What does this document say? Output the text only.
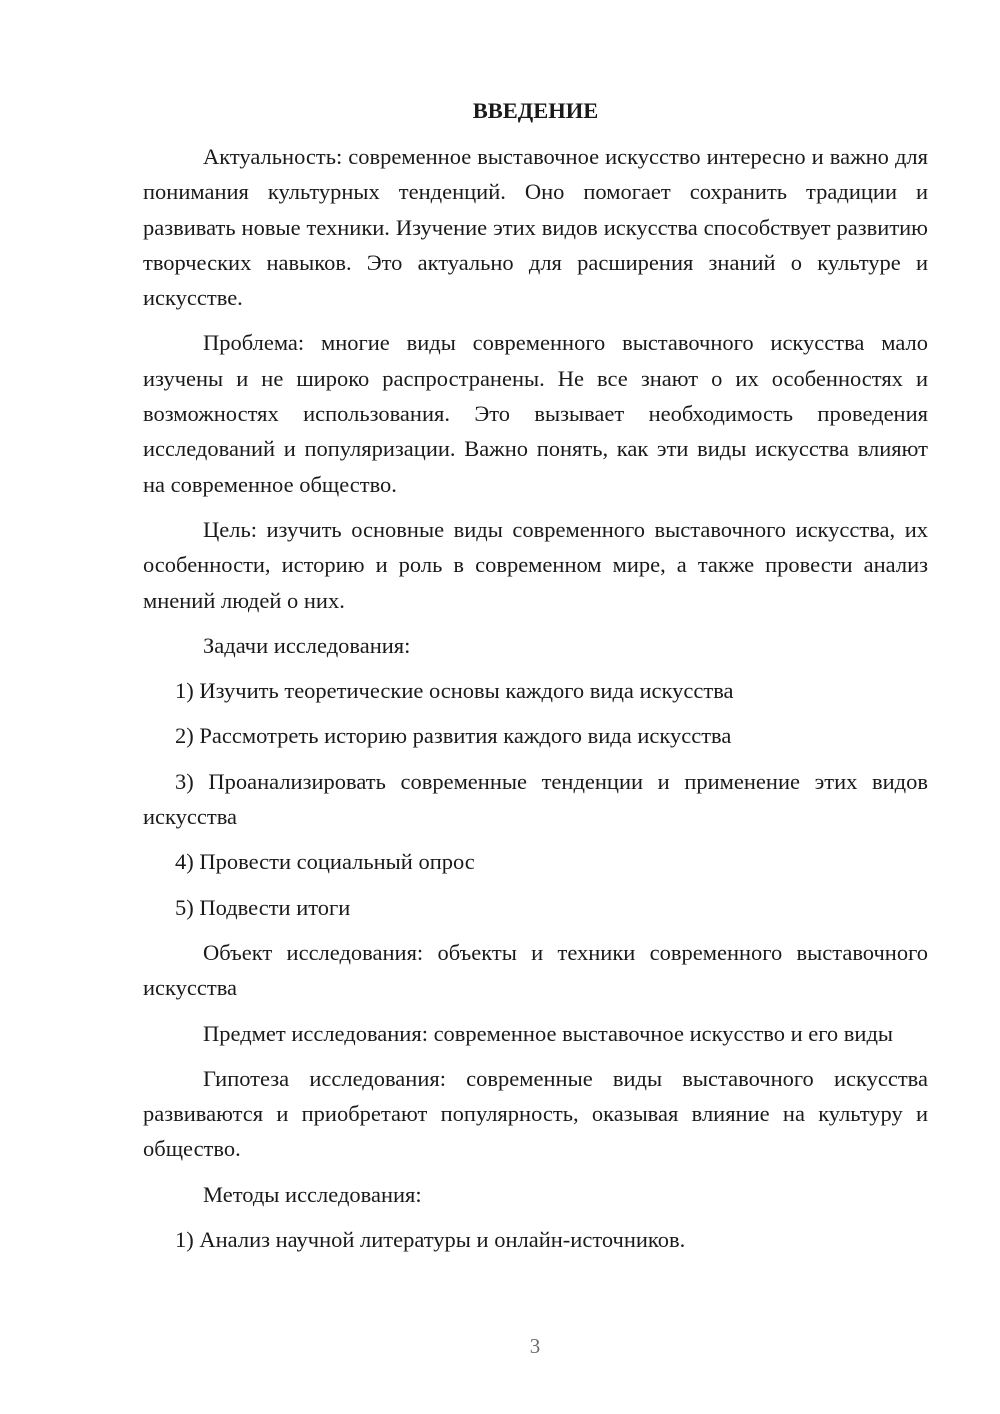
ВВЕДЕНИЕ

Актуальность: современное выставочное искусство интересно и важно для понимания культурных тенденций. Оно помогает сохранить традиции и развивать новые техники. Изучение этих видов искусства способствует развитию творческих навыков. Это актуально для расширения знаний о культуре и искусстве.

Проблема: многие виды современного выставочного искусства мало изучены и не широко распространены. Не все знают о их особенностях и возможностях использования. Это вызывает необходимость проведения исследований и популяризации. Важно понять, как эти виды искусства влияют на современное общество.

Цель: изучить основные виды современного выставочного искусства, их особенности, историю и роль в современном мире, а также провести анализ мнений людей о них.

Задачи исследования:

1) Изучить теоретические основы каждого вида искусства

2) Рассмотреть историю развития каждого вида искусства

3) Проанализировать современные тенденции и применение этих видов искусства

4) Провести социальный опрос

5) Подвести итоги

Объект исследования: объекты и техники современного выставочного искусства

Предмет исследования: современное выставочное искусство и его виды

Гипотеза исследования: современные виды выставочного искусства развиваются и приобретают популярность, оказывая влияние на культуру и общество.

Методы исследования:

1) Анализ научной литературы и онлайн-источников.

3
